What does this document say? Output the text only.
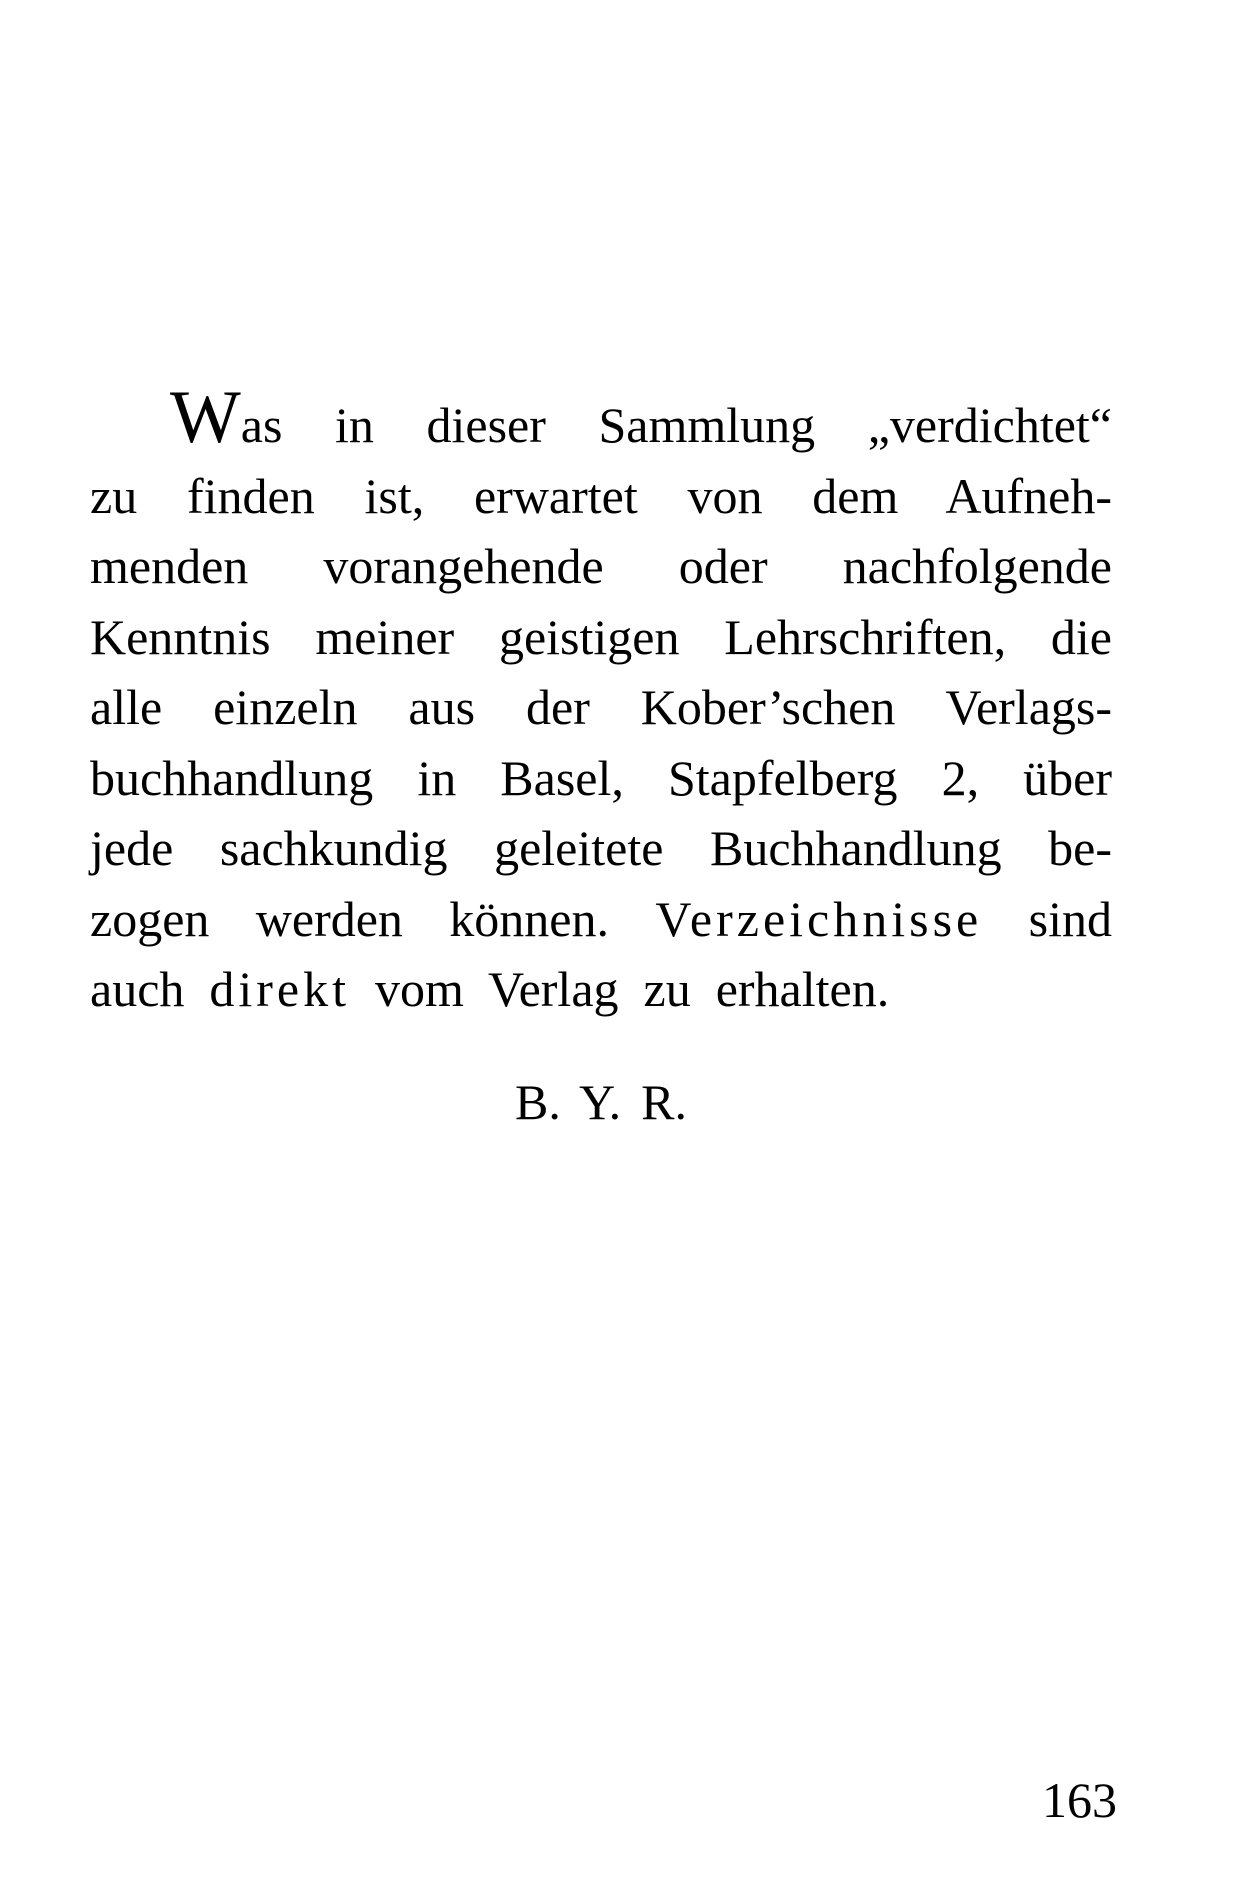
Was in dieser Sammlung „verdichtet“
zu finden ist, erwartet von dem Aufneh-
menden vorangehende oder nachfolgende
Kenntnis meiner geistigen Lehrschriften, die
alle einzeln aus der Kober’schen Verlags-
buchhandlung in Basel, Stapfelberg 2, über
jede sachkundig geleitete Buchhandlung be-
zogen werden können. Verzeichnisse sind
auch direkt vom Verlag zu erhalten.
B. Y. R.
163
